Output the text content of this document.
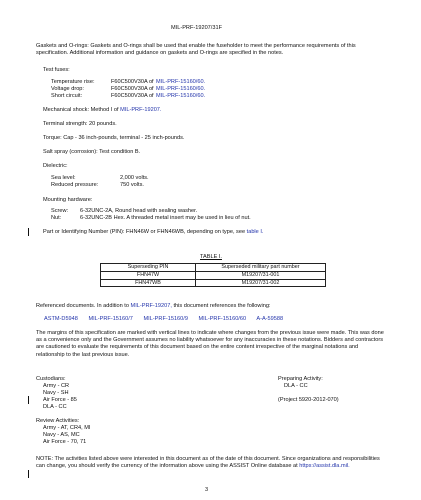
MIL-PRF-19207/31F
Gaskets and O-rings: Gaskets and O-rings shall be used that enable the fuseholder to meet the performance requirements of this specification. Additional information and guidance on gaskets and O-rings are specified in the notes.
Test fuses:
Temperature rise:	F60C500V30A of MIL-PRF-15160/60.
Voltage drop:	F60C500V30A of MIL-PRF-15160/60.
Short circuit:	F60C500V30A of MIL-PRF-15160/60.
Mechanical shock: Method I of MIL-PRF-19207.
Terminal strength: 20 pounds.
Torque: Cap - 36 inch-pounds, terminal - 25 inch-pounds.
Salt spray (corrosion): Test condition B.
Dielectric:
Sea level:	2,000 volts.
Reduced pressure:	750 volts.
Mounting hardware:
Screw: 6-32UNC-2A, Round head with sealing washer.
Nut:	6-32UNC-2B Hex. A threaded metal insert may be used in lieu of nut.
Part or Identifying Number (PIN): FHN46W or FHN46WB, depending on type, see table I.
TABLE I.
Superseding PIN	Superseded military part number
FHN47W	M19207/31-001
FHN47WB	M19207/31-002
Referenced documents. In addition to MIL-PRF-19207, this document references the following:
ASTM-D5948 MIL-PRF-15160/7 MIL-PRF-15160/9 MIL-PRF-15160/60 A-A-59588
The margins of this specification are marked with vertical lines to indicate where changes from the previous issue were made. This was done as a convenience only and the Government assumes no liability whatsoever for any inaccuracies in these notations. Bidders and contractors are cautioned to evaluate the requirements of this document based on the entire content irrespective of the marginal notations and relationship to the last previous issue.
Custodians:
Army - CR
Navy - SH
Air Force - 85
DLA - CC
Preparing Activity:
DLA - CC
(Project 5920-2012-070)
Review Activities:
Army - AT, CR4, MI
Navy - AS, MC
Air Force - 70, 71
NOTE: The activities listed above were interested in this document as of the date of this document. Since organizations and responsibilities can change, you should verify the currency of the information above using the ASSIST Online database at https://assist.dla.mil.
3
